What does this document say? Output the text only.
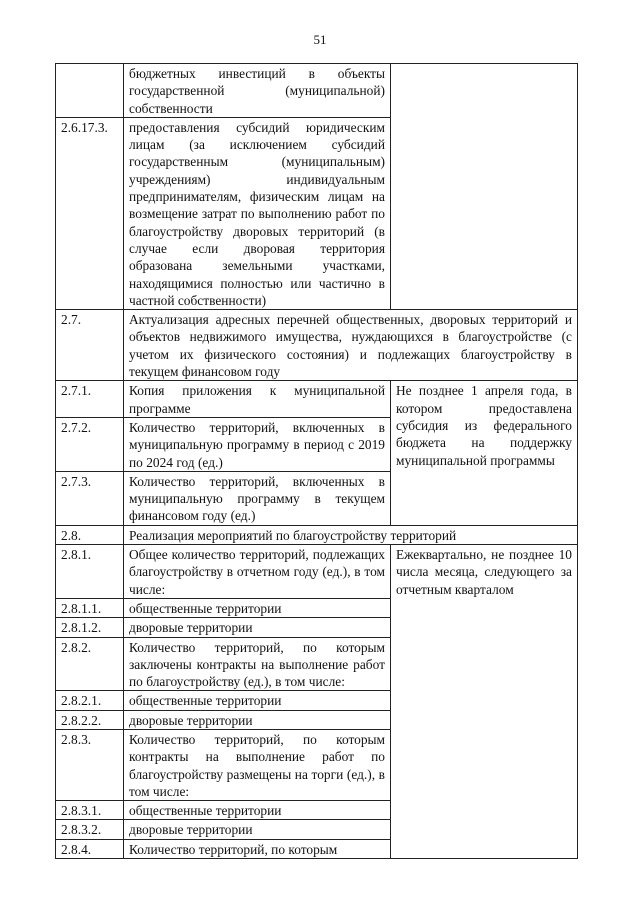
51
	бюджетных инвестиций в объекты государственной (муниципальной) собственности	
2.6.17.3.	предоставления субсидий юридическим лицам (за исключением субсидий государственным (муниципальным) учреждениям) индивидуальным предпринимателям, физическим лицам на возмещение затрат по выполнению работ по благоустройству дворовых территорий (в случае если дворовая территория образована земельными участками, находящимися полностью или частично в частной собственности)	
2.7.	Актуализация адресных перечней общественных, дворовых территорий и объектов недвижимого имущества, нуждающихся в благоустройстве (с учетом их физического состояния) и подлежащих благоустройству в текущем финансовом году	
2.7.1.	Копия приложения к муниципальной программе	Не позднее 1 апреля года, в котором предоставлена субсидия из федерального бюджета на поддержку муниципальной программы
2.7.2.	Количество территорий, включенных в муниципальную программу в период с 2019 по 2024 год (ед.)	
2.7.3.	Количество территорий, включенных в муниципальную программу в текущем финансовом году (ед.)	
2.8.	Реализация мероприятий по благоустройству территорий	
2.8.1.	Общее количество территорий, подлежащих благоустройству в отчетном году (ед.), в том числе:	Ежеквартально, не позднее 10 числа месяца, следующего за отчетным кварталом
2.8.1.1.	общественные территории	
2.8.1.2.	дворовые территории	
2.8.2.	Количество территорий, по которым заключены контракты на выполнение работ по благоустройству (ед.), в том числе:	
2.8.2.1.	общественные территории	
2.8.2.2.	дворовые территории	
2.8.3.	Количество территорий, по которым контракты на выполнение работ по благоустройству размещены на торги (ед.), в том числе:	
2.8.3.1.	общественные территории	
2.8.3.2.	дворовые территории	
2.8.4.	Количество территорий, по которым	
